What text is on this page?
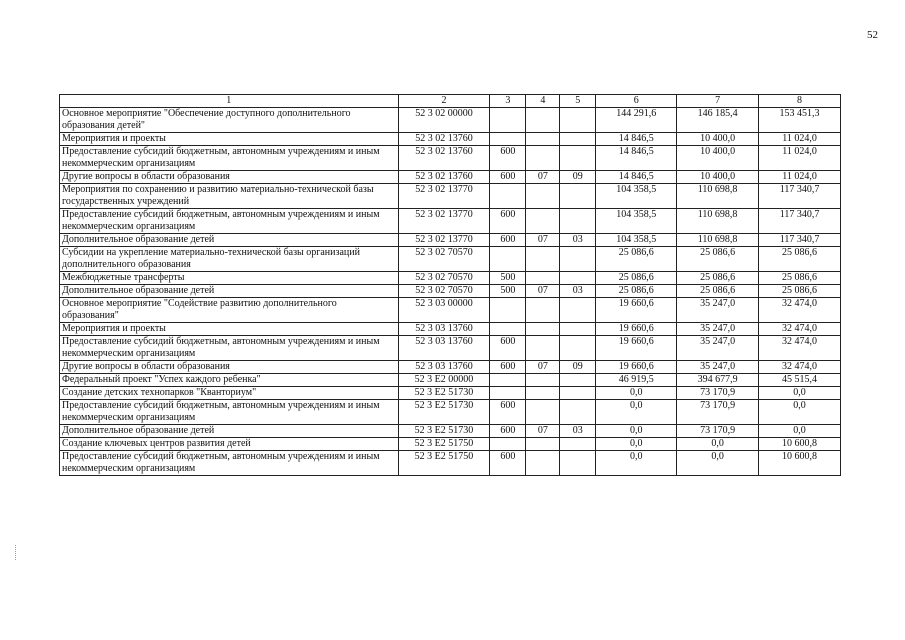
52
1	2	3	4	5	6	7	8
Основное мероприятие "Обеспечение доступного дополнительного образования детей"	52 3 02 00000				144 291,6	146 185,4	153 451,3
Мероприятия и проекты	52 3 02 13760				14 846,5	10 400,0	11 024,0
Предоставление субсидий бюджетным, автономным учреждениям и иным некоммерческим организациям	52 3 02 13760	600			14 846,5	10 400,0	11 024,0
Другие вопросы в области образования	52 3 02 13760	600	07	09	14 846,5	10 400,0	11 024,0
Мероприятия по сохранению и развитию материально-технической базы государственных учреждений	52 3 02 13770				104 358,5	110 698,8	117 340,7
Предоставление субсидий бюджетным, автономным учреждениям и иным некоммерческим организациям	52 3 02 13770	600			104 358,5	110 698,8	117 340,7
Дополнительное образование детей	52 3 02 13770	600	07	03	104 358,5	110 698,8	117 340,7
Субсидии на укрепление материально-технической базы организаций дополнительного образования	52 3 02 70570				25 086,6	25 086,6	25 086,6
Межбюджетные трансферты	52 3 02 70570	500			25 086,6	25 086,6	25 086,6
Дополнительное образование детей	52 3 02 70570	500	07	03	25 086,6	25 086,6	25 086,6
Основное мероприятие "Содействие развитию дополнительного образования"	52 3 03 00000				19 660,6	35 247,0	32 474,0
Мероприятия и проекты	52 3 03 13760				19 660,6	35 247,0	32 474,0
Предоставление субсидий бюджетным, автономным учреждениям и иным некоммерческим организациям	52 3 03 13760	600			19 660,6	35 247,0	32 474,0
Другие вопросы в области образования	52 3 03 13760	600	07	09	19 660,6	35 247,0	32 474,0
Федеральный проект "Успех каждого ребенка"	52 3 E2 00000				46 919,5	394 677,9	45 515,4
Создание детских технопарков "Кванториум"	52 3 E2 51730				0,0	73 170,9	0,0
Предоставление субсидий бюджетным, автономным учреждениям и иным некоммерческим организациям	52 3 E2 51730	600			0,0	73 170,9	0,0
Дополнительное образование детей	52 3 E2 51730	600	07	03	0,0	73 170,9	0,0
Создание ключевых центров развития детей	52 3 E2 51750				0,0	0,0	10 600,8
Предоставление субсидий бюджетным, автономным учреждениям и иным некоммерческим организациям	52 3 E2 51750	600			0,0	0,0	10 600,8
